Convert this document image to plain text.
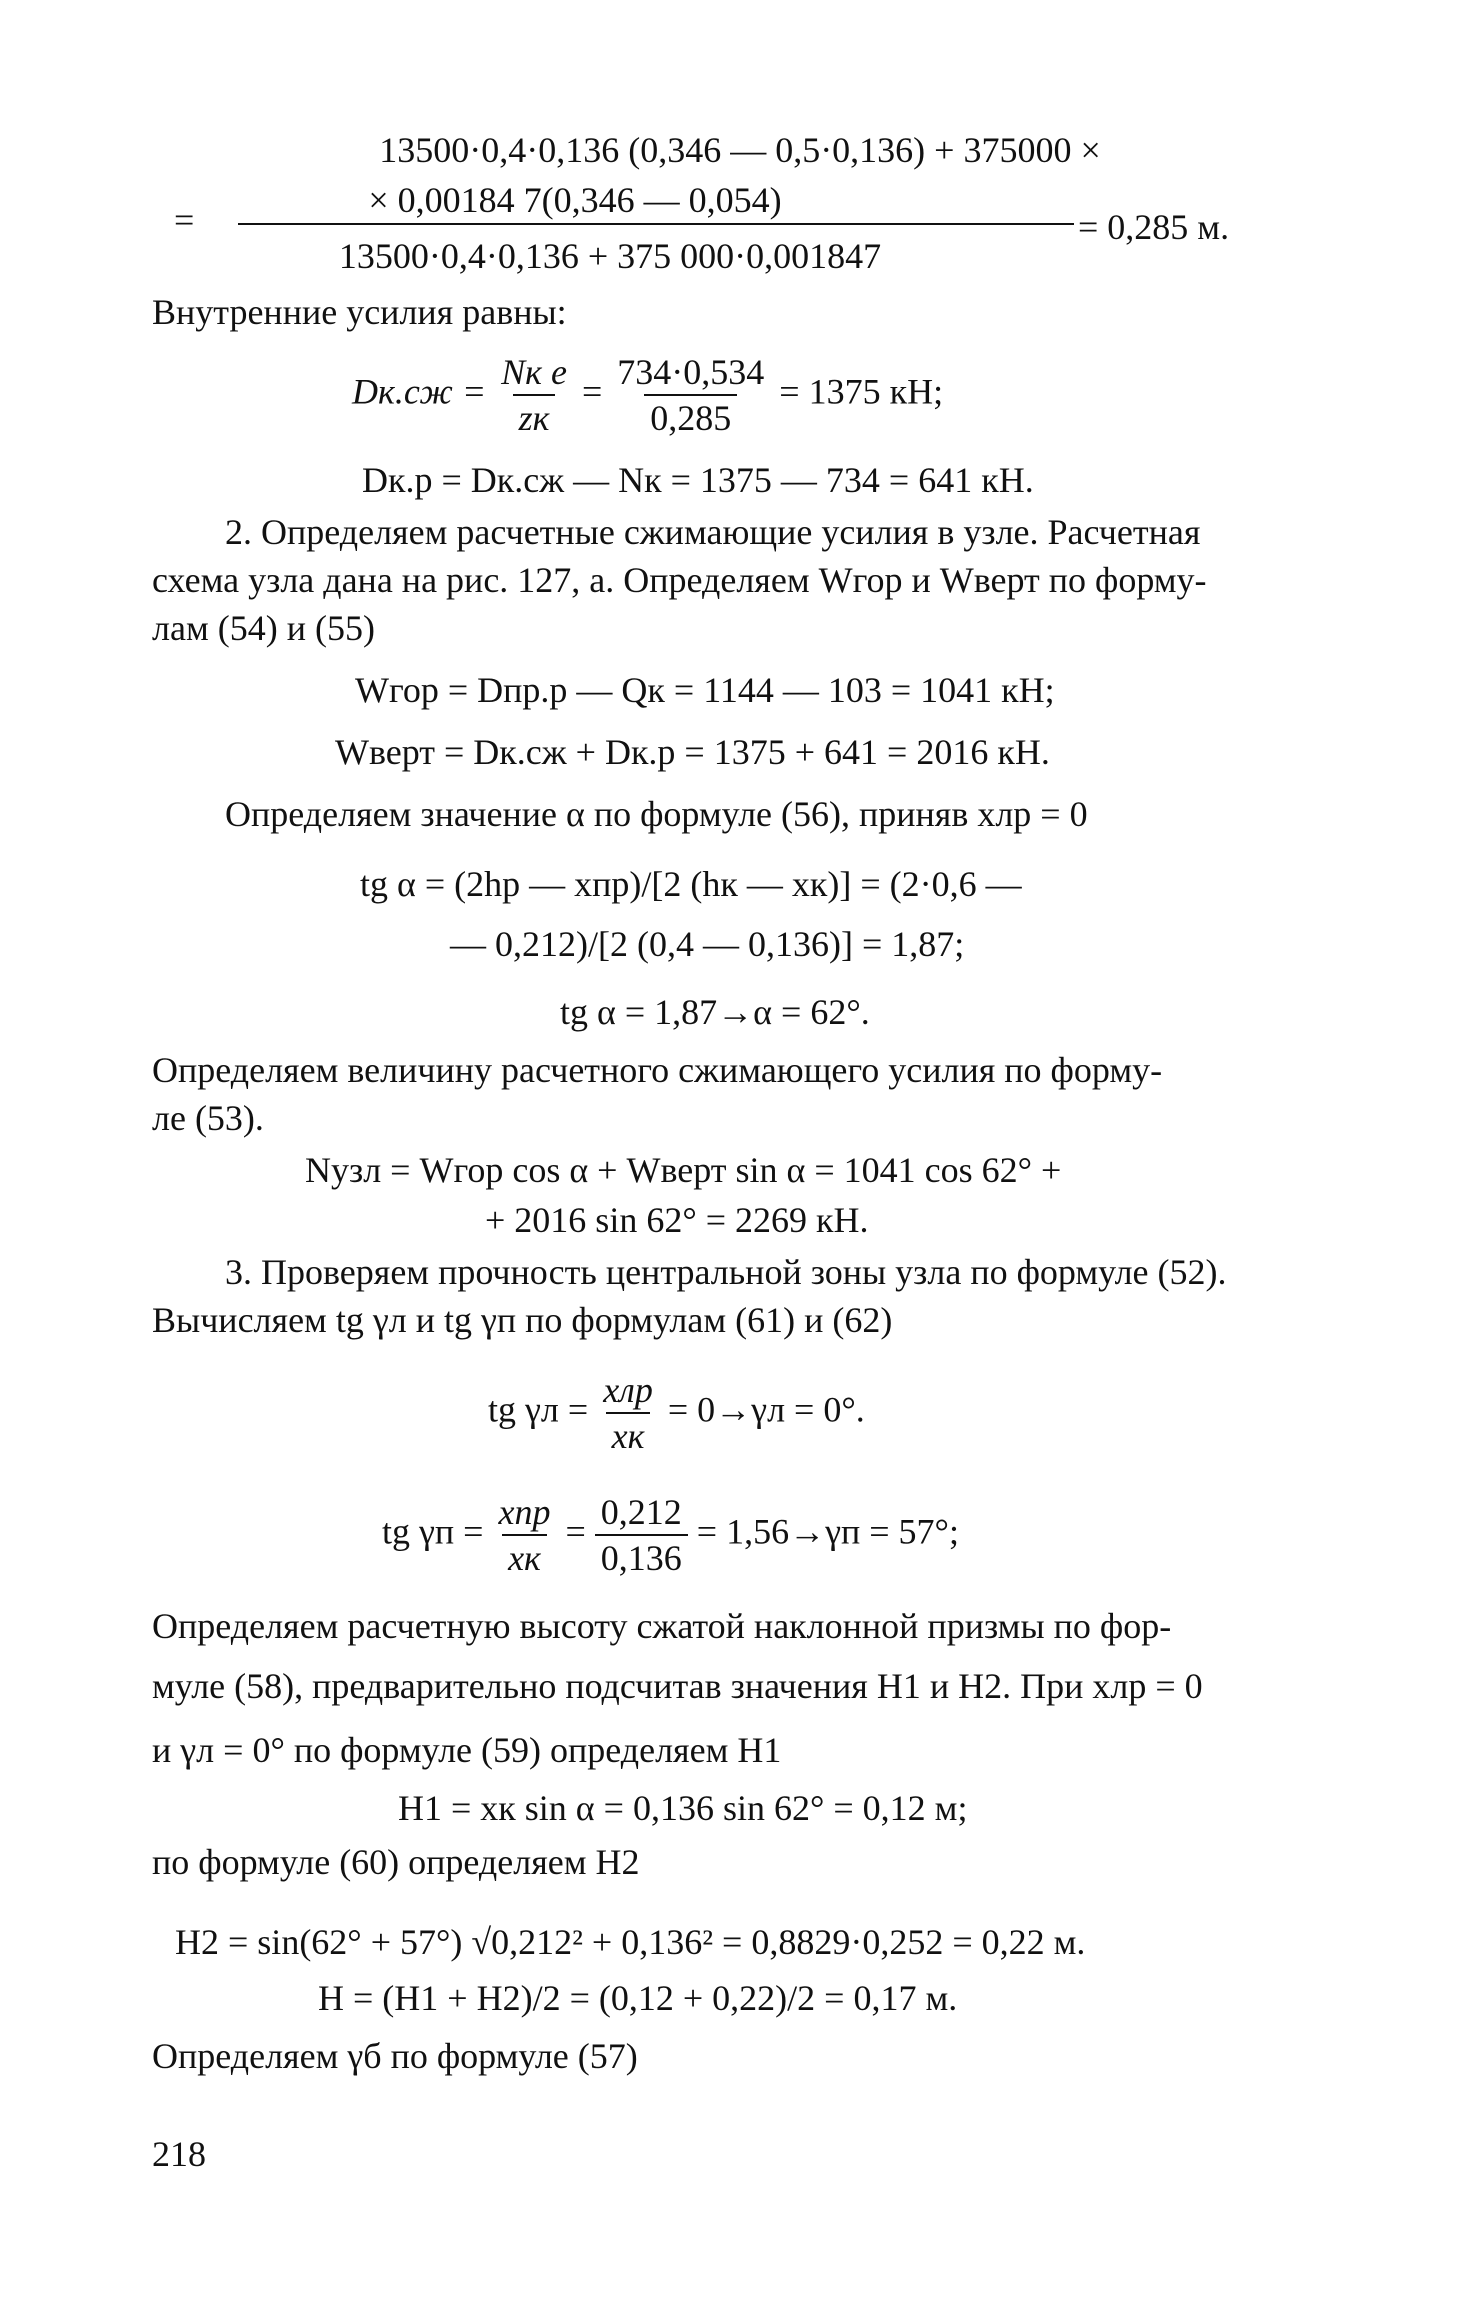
13500·0,4·0,136 (0,346 — 0,5·0,136) + 375000 ×
× 0,00184 7(0,346 — 0,054)
=	= 0,285 м.
13500·0,4·0,136 + 375 000·0,001847
Внутренние усилия равны:
$Dк.сж = \frac{\text{Nк e}}{zк} = \frac{734\cdot 0,534}{0,285} = 1375$ кН;
Dк.р = Dк.сж — Nк = 1375 — 734 = 641 кН.
2. Определяем расчетные сжимающие усилия в узле. Расчетная
схема узла дана на рис. 127, а. Определяем Wгор и Wверт по форму-
лам (54) и (55)
Wгор = Dпр.р — Qк = 1144 — 103 = 1041 кН;
Wверт = Dк.сж + Dк.р = 1375 + 641 = 2016 кН.
Определяем значение α по формуле (56), приняв xлр = 0
tg α = (2hр — xпр)/[2 (hк — xк)] = (2·0,6 —
— 0,212)/[2 (0,4 — 0,136)] = 1,87;
tg α = 1,87→α = 62°.
Определяем величину расчетного сжимающего усилия по форму-
ле (53).
Nузл = Wгор cos α + Wверт sin α = 1041 cos 62° +
+ 2016 sin 62° = 2269 кН.
3. Проверяем прочность центральной зоны узла по формуле (52).
Вычисляем tg γл и tg γп по формулам (61) и (62)
tg $\gamma л = \frac{\text{xлр}}{xк} = 0\to\gamma л = 0^\circ$.
tg $\gamma п = \frac{\text{xпр}}{xк} = \frac{0,212}{0,136} = 1,56\to\gamma п = 57^\circ$;
Определяем расчетную высоту сжатой наклонной призмы по фор-
муле (58), предварительно подсчитав значения H1 и H2. При xлр = 0
и γл = 0° по формуле (59) определяем H1
H1 = xк sin α = 0,136 sin 62° = 0,12 м;
по формуле (60) определяем H2
H2 = sin(62° + 57°) √0,212² + 0,136² = 0,8829·0,252 = 0,22 м.
H = (H1 + H2)/2 = (0,12 + 0,22)/2 = 0,17 м.
Определяем γб по формуле (57)
218
